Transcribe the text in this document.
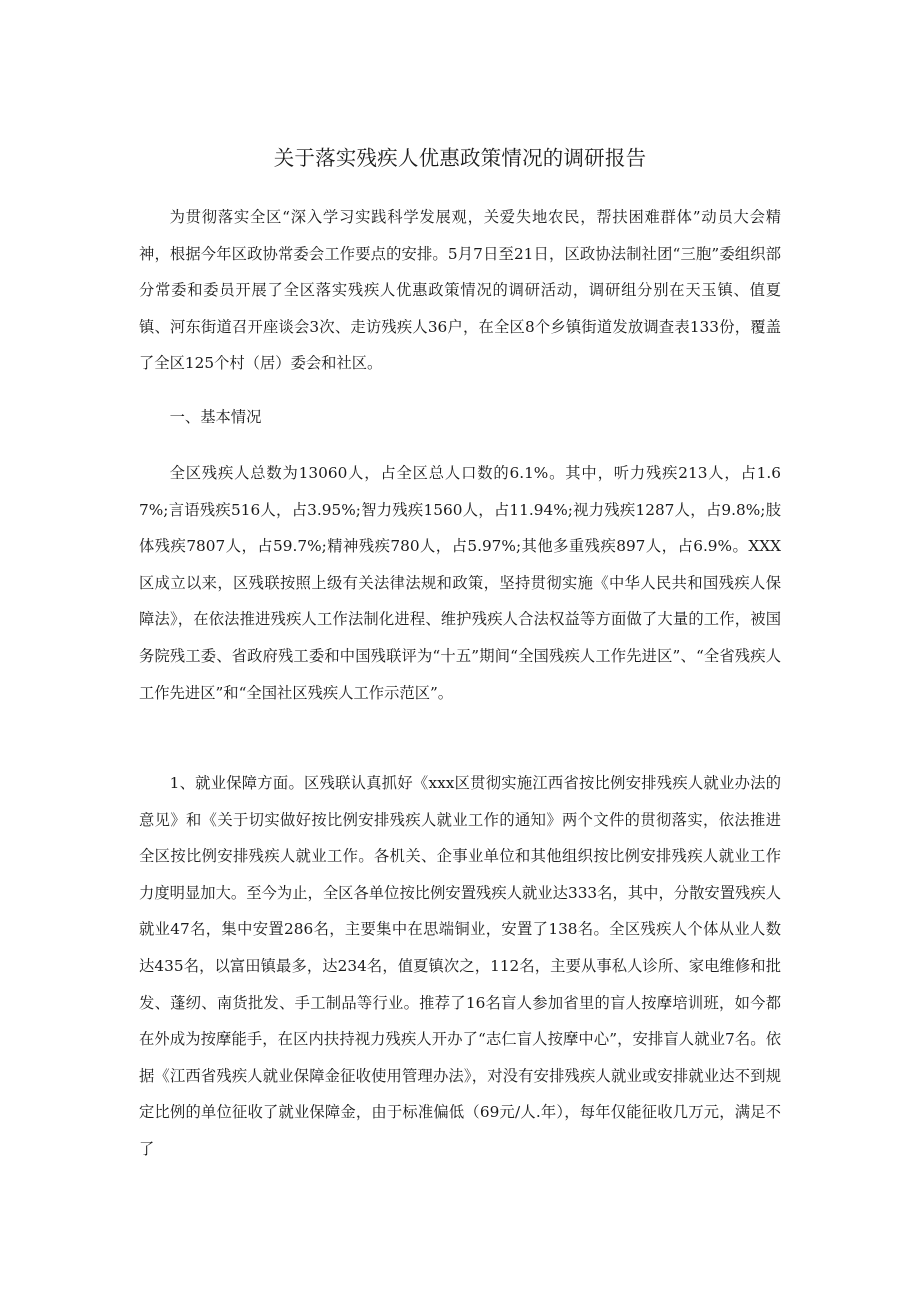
关于落实残疾人优惠政策情况的调研报告

为贯彻落实全区“深入学习实践科学发展观，关爱失地农民，帮扶困难群体”动员大会精神，根据今年区政协常委会工作要点的安排。5月7日至21日，区政协法制社团“三胞”委组织部分常委和委员开展了全区落实残疾人优惠政策情况的调研活动，调研组分别在天玉镇、值夏镇、河东街道召开座谈会3次、走访残疾人36户，在全区8个乡镇街道发放调查表133份，覆盖了全区125个村（居）委会和社区。

一、基本情况

全区残疾人总数为13060人，占全区总人口数的6.1%。其中，听力残疾213人，占1.67%;言语残疾516人，占3.95%;智力残疾1560人，占11.94%;视力残疾1287人，占9.8%;肢体残疾7807人，占59.7%;精神残疾780人，占5.97%;其他多重残疾897人，占6.9%。XXX区成立以来，区残联按照上级有关法律法规和政策，坚持贯彻实施《中华人民共和国残疾人保障法》，在依法推进残疾人工作法制化进程、维护残疾人合法权益等方面做了大量的工作，被国务院残工委、省政府残工委和中国残联评为“十五”期间“全国残疾人工作先进区”、“全省残疾人工作先进区”和“全国社区残疾人工作示范区”。

1、就业保障方面。区残联认真抓好《xxx区贯彻实施江西省按比例安排残疾人就业办法的意见》和《关于切实做好按比例安排残疾人就业工作的通知》两个文件的贯彻落实，依法推进全区按比例安排残疾人就业工作。各机关、企事业单位和其他组织按比例安排残疾人就业工作力度明显加大。至今为止，全区各单位按比例安置残疾人就业达333名，其中，分散安置残疾人就业47名，集中安置286名，主要集中在思端铜业，安置了138名。全区残疾人个体从业人数达435名，以富田镇最多，达234名，值夏镇次之，112名，主要从事私人诊所、家电维修和批发、蓬纫、南货批发、手工制品等行业。推荐了16名盲人参加省里的盲人按摩培训班，如今都在外成为按摩能手，在区内扶持视力残疾人开办了“志仁盲人按摩中心”，安排盲人就业7名。依据《江西省残疾人就业保障金征收使用管理办法》，对没有安排残疾人就业或安排就业达不到规定比例的单位征收了就业保障金，由于标准偏低（69元/人.年），每年仅能征收几万元，满足不了
